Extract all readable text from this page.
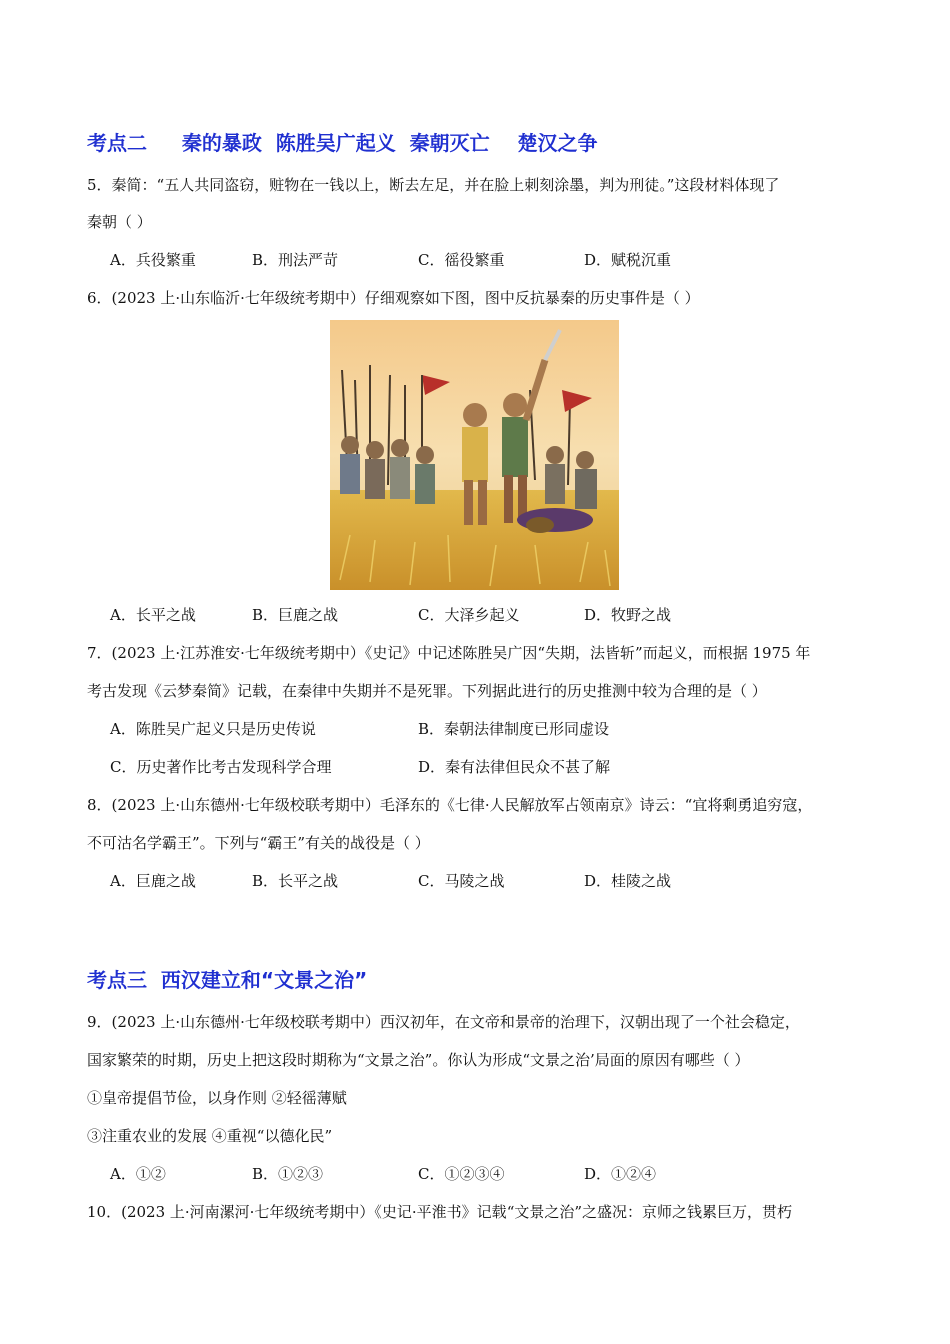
考点二     秦的暴政  陈胜吴广起义  秦朝灭亡    楚汉之争
5．秦简：“五人共同盗窃，赃物在一钱以上，断去左足，并在脸上刺刻涂墨，判为刑徒。”这段材料体现了
秦朝（ ）
A．兵役繁重	B．刑法严苛	C．徭役繁重	D．赋税沉重
6．(2023 上·山东临沂·七年级统考期中）仔细观察如下图，图中反抗暴秦的历史事件是（ ）
A．长平之战	B．巨鹿之战	C．大泽乡起义	D．牧野之战
7．(2023 上·江苏淮安·七年级统考期中）《史记》中记述陈胜吴广因“失期，法皆斩”而起义，而根据 1975 年
考古发现《云梦秦简》记载，在秦律中失期并不是死罪。下列据此进行的历史推测中较为合理的是（ ）
A．陈胜吴广起义只是历史传说	B．秦朝法律制度已形同虚设
C．历史著作比考古发现科学合理	D．秦有法律但民众不甚了解
8．(2023 上·山东德州·七年级校联考期中）毛泽东的《七律·人民解放军占领南京》诗云：“宜将剩勇追穷寇，
不可沽名学霸王”。下列与“霸王”有关的战役是（ ）
A．巨鹿之战	B．长平之战	C．马陵之战	D．桂陵之战
考点三  西汉建立和“文景之治”
9．(2023 上·山东德州·七年级校联考期中）西汉初年，在文帝和景帝的治理下，汉朝出现了一个社会稳定，
国家繁荣的时期，历史上把这段时期称为“文景之治”。你认为形成“文景之治’局面的原因有哪些（ ）
①皇帝提倡节俭，以身作则 ②轻徭薄赋
③注重农业的发展 ④重视“以德化民”
A．①②	B．①②③	C．①②③④	D．①②④
10．(2023 上·河南漯河·七年级统考期中）《史记·平淮书》记载“文景之治”之盛况：京师之钱累巨万，贯朽
